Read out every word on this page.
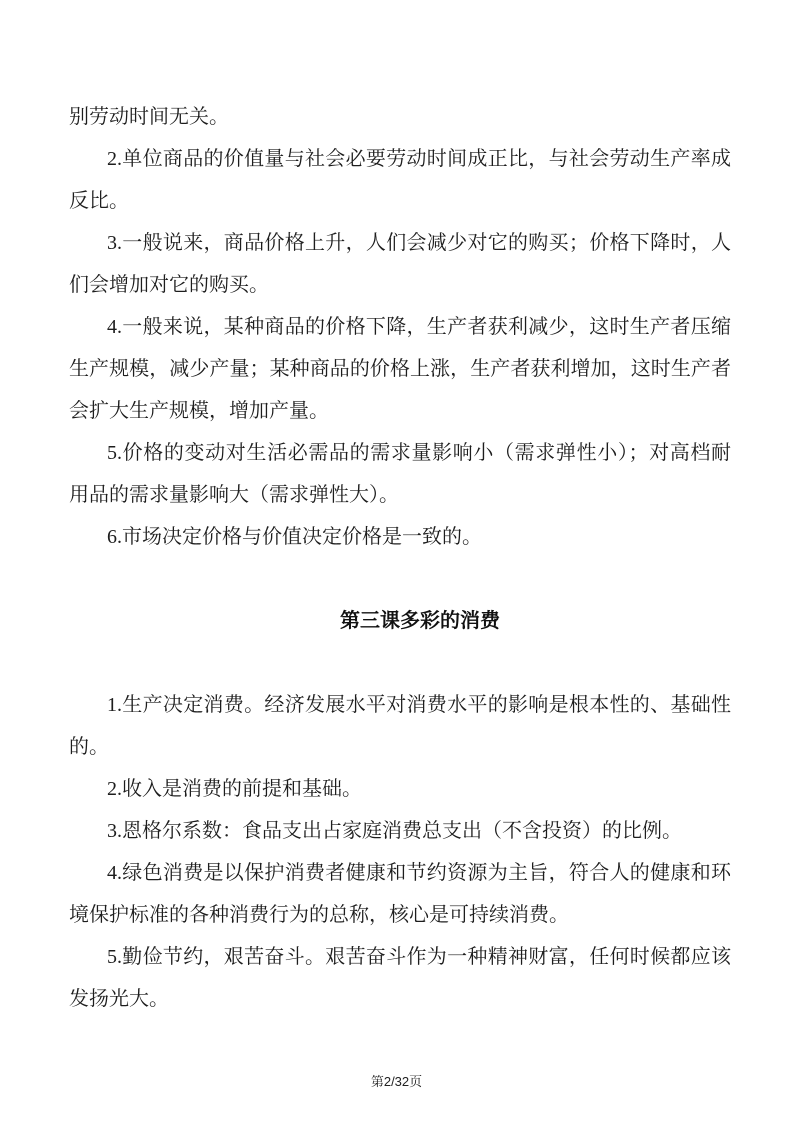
别劳动时间无关。

2.单位商品的价值量与社会必要劳动时间成正比，与社会劳动生产率成反比。

3.一般说来，商品价格上升，人们会减少对它的购买；价格下降时，人们会增加对它的购买。

4.一般来说，某种商品的价格下降，生产者获利减少，这时生产者压缩生产规模，减少产量；某种商品的价格上涨，生产者获利增加，这时生产者会扩大生产规模，增加产量。

5.价格的变动对生活必需品的需求量影响小（需求弹性小）；对高档耐用品的需求量影响大（需求弹性大）。

6.市场决定价格与价值决定价格是一致的。

第三课多彩的消费

1.生产决定消费。经济发展水平对消费水平的影响是根本性的、基础性的。

2.收入是消费的前提和基础。

3.恩格尔系数：食品支出占家庭消费总支出（不含投资）的比例。

4.绿色消费是以保护消费者健康和节约资源为主旨，符合人的健康和环境保护标准的各种消费行为的总称，核心是可持续消费。

5.勤俭节约，艰苦奋斗。艰苦奋斗作为一种精神财富，任何时候都应该发扬光大。

第2/32页
